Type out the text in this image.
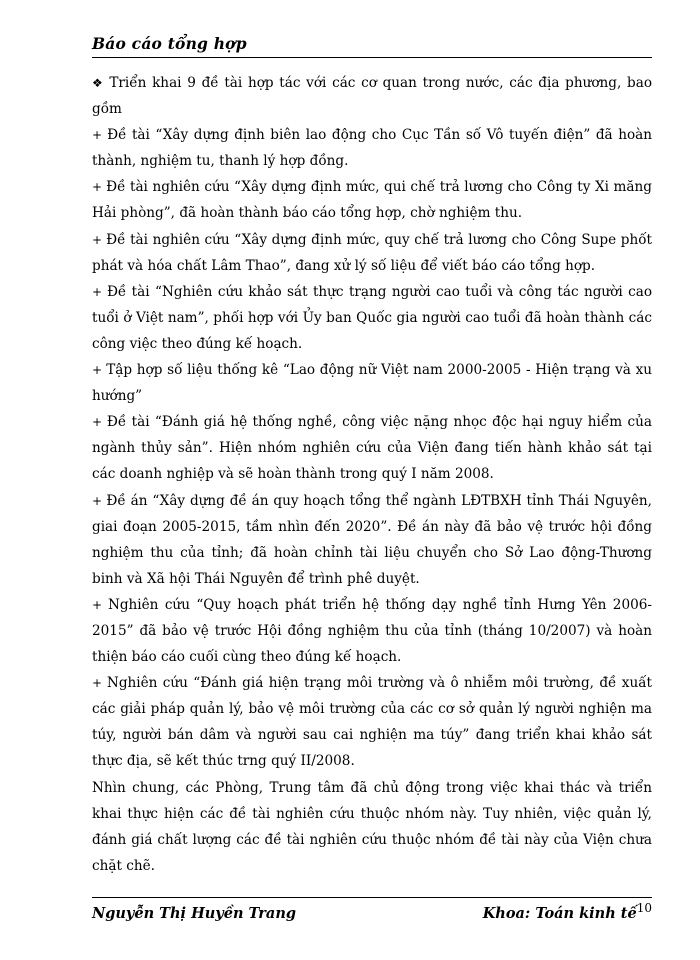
Báo cáo tổng hợp

❖ Triển khai 9 đề tài hợp tác với các cơ quan trong nước, các địa phương, bao gồm

+ Đề tài “Xây dựng định biên lao động cho Cục Tần số Vô tuyến điện” đã hoàn thành, nghiệm tu, thanh lý hợp đồng.

+ Đề tài nghiên cứu “Xây dựng định mức, qui chế trả lương cho Công ty Xi măng Hải phòng”, đã hoàn thành báo cáo tổng hợp, chờ nghiệm thu.

+ Đề tài nghiên cứu “Xây dựng định mức, quy chế trả lương cho Công Supe phốt phát và hóa chất Lâm Thao”, đang xử lý số liệu để viết báo cáo tổng hợp.

+ Đề tài “Nghiên cứu khảo sát thực trạng người cao tuổi và công tác người cao tuổi ở Việt nam”, phối hợp với Ủy ban Quốc gia người cao tuổi đã hoàn thành các công việc theo đúng kế hoạch.

+ Tập hợp số liệu thống kê “Lao động nữ Việt nam 2000-2005 - Hiện trạng và xu hướng”

+ Đề tài “Đánh giá hệ thống nghề, công việc nặng nhọc độc hại nguy hiểm của ngành thủy sản”. Hiện nhóm nghiên cứu của Viện đang tiến hành khảo sát tại các doanh nghiệp và sẽ hoàn thành trong quý I năm 2008.

+ Đề án “Xây dựng đề án quy hoạch tổng thể ngành LĐTBXH tỉnh Thái Nguyên, giai đoạn 2005-2015, tầm nhìn đến 2020”. Đề án này đã bảo vệ trước hội đồng nghiệm thu của tỉnh; đã hoàn chỉnh tài liệu chuyển cho Sở Lao động-Thương binh và Xã hội Thái Nguyên để trình phê duyệt.

+ Nghiên cứu “Quy hoạch phát triển hệ thống dạy nghề tỉnh Hưng Yên 2006-2015” đã bảo vệ trước Hội đồng nghiệm thu của tỉnh (tháng 10/2007) và hoàn thiện báo cáo cuối cùng theo đúng kế hoạch.

+ Nghiên cứu “Đánh giá hiện trạng môi trường và ô nhiễm môi trường, đề xuất các giải pháp quản lý, bảo vệ môi trường của các cơ sở quản lý người nghiện ma túy, người bán dâm và người sau cai nghiện ma túy” đang triển khai khảo sát thực địa, sẽ kết thúc trng quý II/2008.

Nhìn chung, các Phòng, Trung tâm đã chủ động trong việc khai thác và triển khai thực hiện các đề tài nghiên cứu thuộc nhóm này. Tuy nhiên, việc quản lý, đánh giá chất lượng các đề tài nghiên cứu thuộc nhóm đề tài này của Viện chưa chặt chẽ.

Nguyễn Thị Huyền Trang	Khoa: Toán kinh tế$^{10}$
